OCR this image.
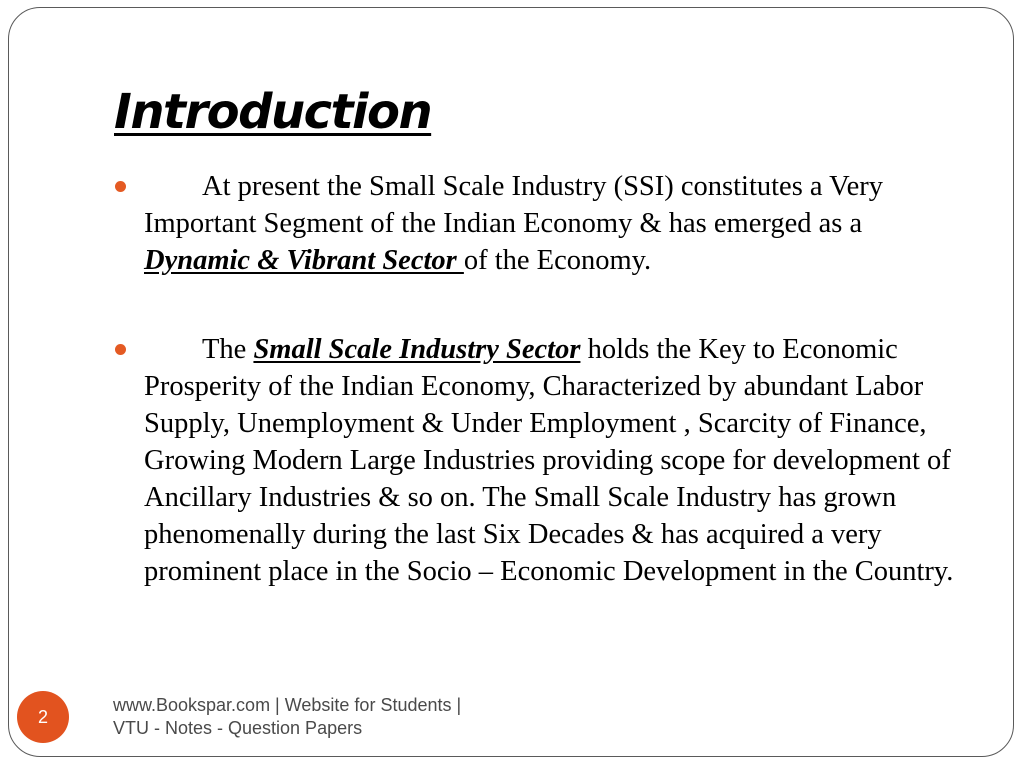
Introduction
At present the Small Scale Industry (SSI) constitutes a Very Important Segment of the Indian Economy & has emerged as a Dynamic & Vibrant Sector of the Economy.
The Small Scale Industry Sector holds the Key to Economic Prosperity of the Indian Economy, Characterized by abundant Labor Supply, Unemployment & Under Employment , Scarcity of Finance, Growing Modern Large Industries providing scope for development of Ancillary Industries & so on. The Small Scale Industry has grown phenomenally during the last Six Decades & has acquired a very prominent place in the Socio – Economic Development in the Country.
2
www.Bookspar.com | Website for Students |
VTU - Notes - Question Papers
